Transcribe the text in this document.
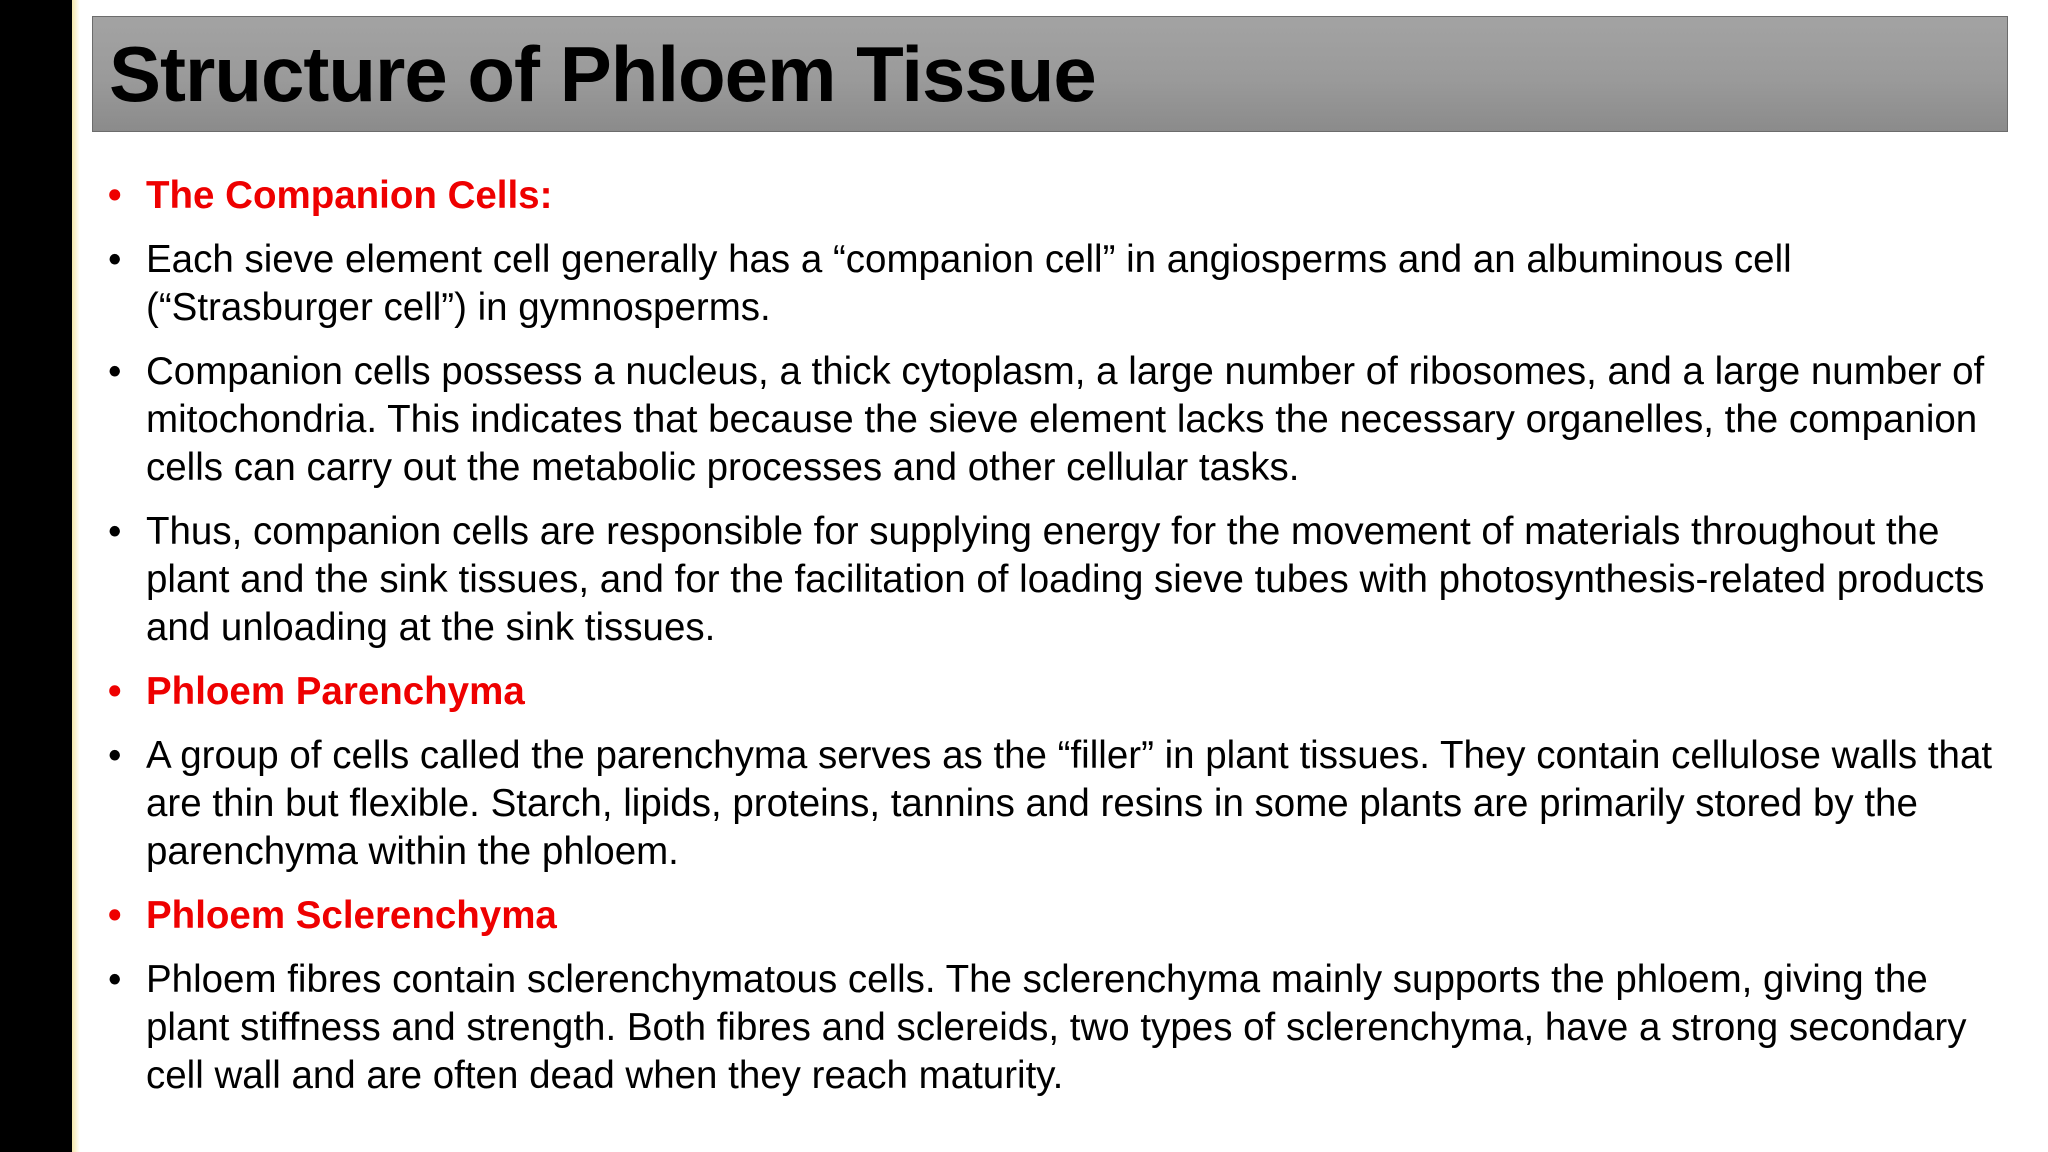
Structure of Phloem Tissue
• The Companion Cells:
• Each sieve element cell generally has a “companion cell” in angiosperms and an albuminous cell (“Strasburger cell”) in gymnosperms.
• Companion cells possess a nucleus, a thick cytoplasm, a large number of ribosomes, and a large number of mitochondria. This indicates that because the sieve element lacks the necessary organelles, the companion cells can carry out the metabolic processes and other cellular tasks.
• Thus, companion cells are responsible for supplying energy for the movement of materials throughout the plant and the sink tissues, and for the facilitation of loading sieve tubes with photosynthesis-related products and unloading at the sink tissues.
• Phloem Parenchyma
• A group of cells called the parenchyma serves as the “filler” in plant tissues. They contain cellulose walls that are thin but flexible. Starch, lipids, proteins, tannins and resins in some plants are primarily stored by the parenchyma within the phloem.
• Phloem Sclerenchyma
• Phloem fibres contain sclerenchymatous cells. The sclerenchyma mainly supports the phloem, giving the plant stiffness and strength. Both fibres and sclereids, two types of sclerenchyma, have a strong secondary cell wall and are often dead when they reach maturity.
